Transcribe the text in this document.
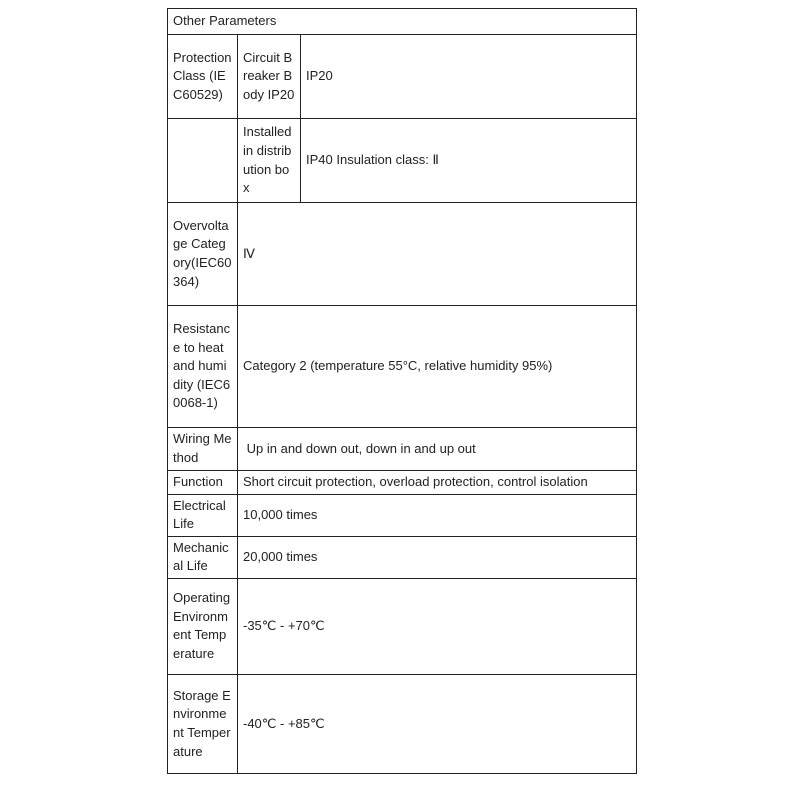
Other Parameters		
Protection Class (IEC60529)	Circuit Breaker Body IP20	IP20
	Installed in distribution box	IP40 Insulation class: Ⅱ
Overvoltage Category(IEC60364)	Ⅳ	
Resistance to heat and humidity (IEC60068-1)	Category 2 (temperature 55°C, relative humidity 95%)	
Wiring Method	Up in and down out, down in and up out	
Function	Short circuit protection, overload protection, control isolation	
Electrical Life	10,000 times	
Mechanical Life	20,000 times	
Operating Environment Temperature	-35℃ - +70℃	
Storage Environment Temperature	-40℃ - +85℃	
